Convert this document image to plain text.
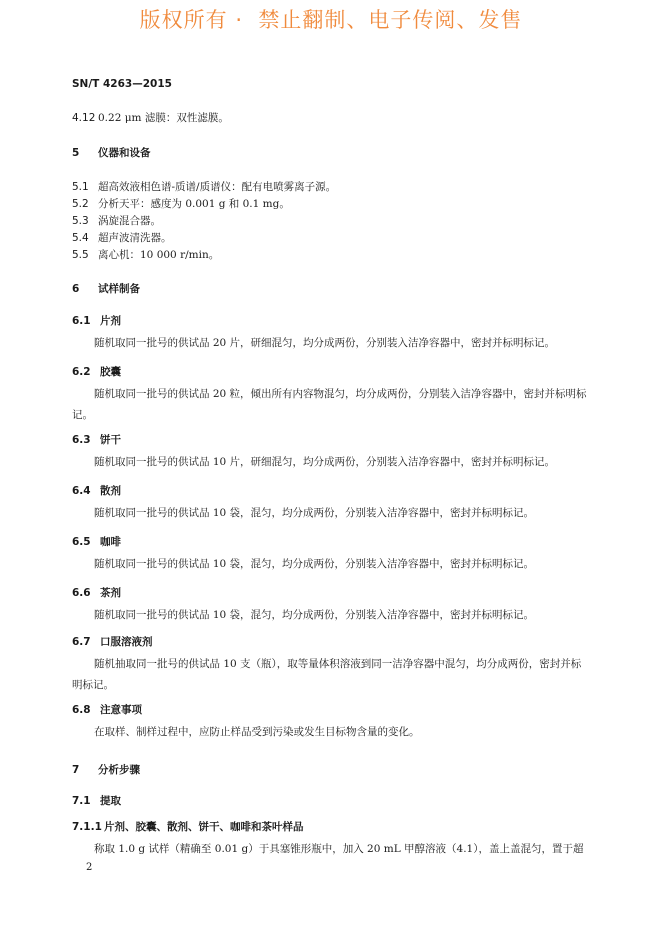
版权所有 ·  禁止翻制、电子传阅、发售
SN/T 4263—2015
4.12 0.22 μm 滤膜：双性滤膜。
5 仪器和设备
5.1 超高效液相色谱-质谱/质谱仪：配有电喷雾离子源。
5.2 分析天平：感度为 0.001 g 和 0.1 mg。
5.3 涡旋混合器。
5.4 超声波清洗器。
5.5 离心机：10 000 r/min。
6 试样制备
6.1 片剂
随机取同一批号的供试品 20 片，研细混匀，均分成两份，分别装入洁净容器中，密封并标明标记。
6.2 胶囊
随机取同一批号的供试品 20 粒，倾出所有内容物混匀，均分成两份，分别装入洁净容器中，密封并标明标记。
6.3 饼干
随机取同一批号的供试品 10 片，研细混匀，均分成两份，分别装入洁净容器中，密封并标明标记。
6.4 散剂
随机取同一批号的供试品 10 袋，混匀，均分成两份，分别装入洁净容器中，密封并标明标记。
6.5 咖啡
随机取同一批号的供试品 10 袋，混匀，均分成两份，分别装入洁净容器中，密封并标明标记。
6.6 茶剂
随机取同一批号的供试品 10 袋，混匀，均分成两份，分别装入洁净容器中，密封并标明标记。
6.7 口服溶液剂
随机抽取同一批号的供试品 10 支（瓶），取等量体积溶液到同一洁净容器中混匀，均分成两份，密封并标明标记。
6.8 注意事项
在取样、制样过程中，应防止样品受到污染或发生目标物含量的变化。
7 分析步骤
7.1 提取
7.1.1 片剂、胶囊、散剂、饼干、咖啡和茶叶样品
称取 1.0 g 试样（精确至 0.01 g）于具塞锥形瓶中，加入 20 mL 甲醇溶液（4.1），盖上盖混匀，置于超
2
